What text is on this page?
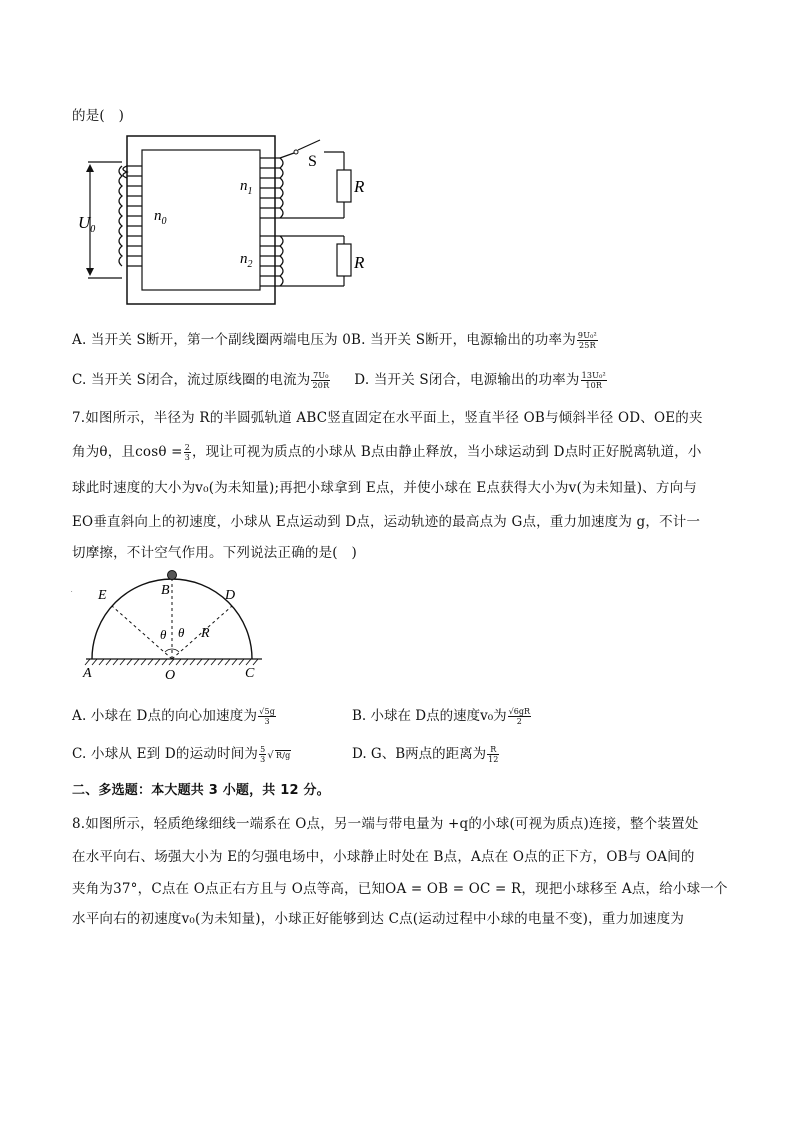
的是( )
$U_0$
$n_0$
$n_1$
$n_2$
S
R
R
A. 当开关 S断开，第一个副线圈两端电压为 0B. 当开关 S断开，电源输出的功率为 $\frac{\text{9U₀²}}{25R}$
C. 当开关 S闭合，流过原线圈的电流为 $\frac{\text{7U₀}}{20R} D$. 当开关 S闭合，电源输出的功率为 $\frac{\text{13U₀²}}{10R}$
7.如图所示，半径为 R的半圆弧轨道 ABC竖直固定在水平面上，竖直半径 OB与倾斜半径 OD、OE的夹
角为θ，且$\cos\theta = \frac{2}{3}$ ，现让可视为质点的小球从 B点由静止释放，当小球运动到 D点时正好脱离轨道，小
球此时速度的大小为v₀(为未知量);再把小球拿到 E点，并使小球在 E点获得大小为v(为未知量)、方向与
EO垂直斜向上的初速度，小球从 E点运动到 D点，运动轨迹的最高点为 G点，重力加速度为 g，不计一
切摩擦，不计空气作用。下列说法正确的是( )
. E	B	D
A	O	C
R
θ θ
A. 小球在 D点的向心加速度为 $\frac{√5g}{3}$	B. 小球在 D点的速度v₀为 $\frac{√6gR}{2}$
C. 小球从 E到 D的运动时间为 $\frac{5}{3}$ √ R/g	D. G、B两点的距离为 $\frac{R}{12}$
二、多选题：本大题共 3 小题，共 12 分。
8.如图所示，轻质绝缘细线一端系在 O点，另一端与带电量为 +q的小球(可视为质点)连接，整个装置处
在水平向右、场强大小为 E的匀强电场中，小球静止时处在 B点，A点在 O点的正下方，OB与 OA间的
夹角为37°，C点在 O点正右方且与 O点等高，已知OA = OB = OC = R，现把小球移至 A点，给小球一个
水平向右的初速度v₀(为未知量)，小球正好能够到达 C点(运动过程中小球的电量不变)，重力加速度为
